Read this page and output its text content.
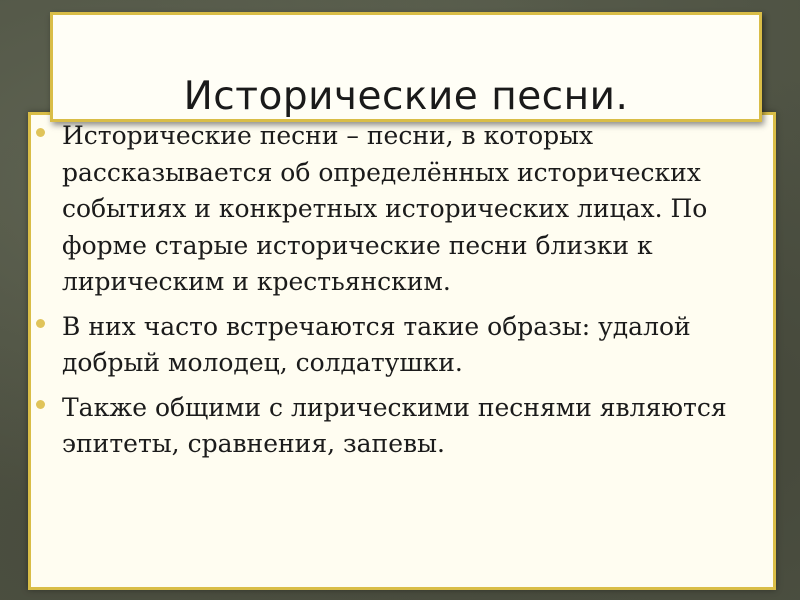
Исторические песни.
Исторические песни – песни, в которых рассказывается об определённых исторических событиях и конкретных исторических лицах. По форме старые исторические песни близки к лирическим и крестьянским.
В них часто встречаются такие образы: удалой добрый молодец, солдатушки.
Также общими с лирическими песнями являются эпитеты, сравнения, запевы.
